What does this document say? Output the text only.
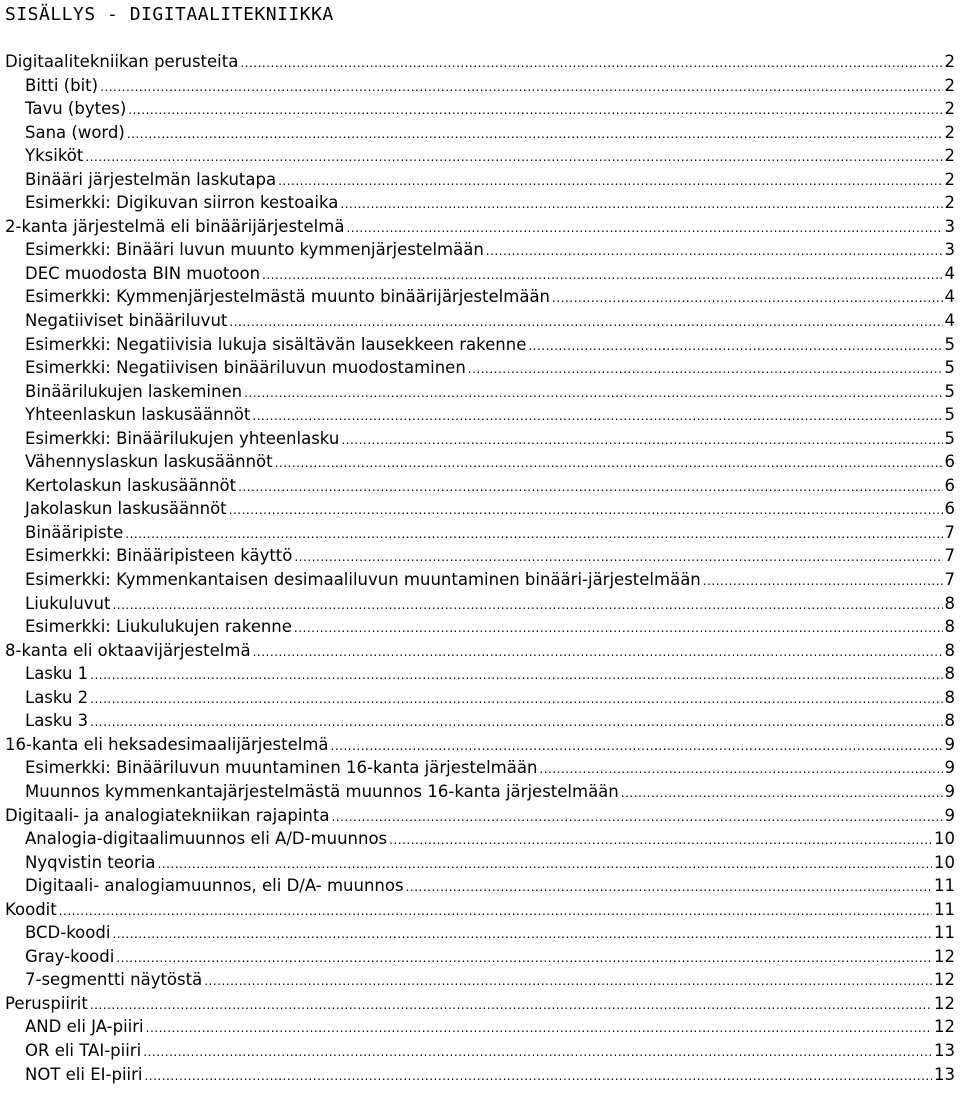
SISÄLLYS - DIGITAALITEKNIIKKA
Digitaalitekniikan perusteita .....	2
Bitti (bit) .....	2
Tavu (bytes) .....	2
Sana (word) .....	2
Yksiköt .....	2
Binääri järjestelmän laskutapa .....	2
Esimerkki: Digikuvan siirron kestoaika .....	2
2-kanta järjestelmä eli binäärijärjestelmä .....	3
Esimerkki: Binääri luvun muunto kymmenjärjestelmään .....	3
DEC muodosta BIN muotoon .....	4
Esimerkki: Kymmenjärjestelmästä muunto binäärijärjestelmään .....	4
Negatiiviset binääriluvut .....	4
Esimerkki: Negatiivisia lukuja sisältävän lausekkeen rakenne .....	5
Esimerkki: Negatiivisen binääriluvun muodostaminen .....	5
Binäärilukujen laskeminen .....	5
Yhteenlaskun laskusäännöt .....	5
Esimerkki: Binäärilukujen yhteenlasku .....	5
Vähennyslaskun laskusäännöt .....	6
Kertolaskun laskusäännöt .....	6
Jakolaskun laskusäännöt .....	6
Binääripiste .....	7
Esimerkki: Binääripisteen käyttö .....	7
Esimerkki: Kymmenkantaisen desimaaliluvun muuntaminen binääri-järjestelmään .....	7
Liukuluvut .....	8
Esimerkki: Liukulukujen rakenne .....	8
8-kanta eli oktaavijärjestelmä .....	8
Lasku 1 .....	8
Lasku 2 .....	8
Lasku 3 .....	8
16-kanta eli heksadesimaalijärjestelmä .....	9
Esimerkki: Binääriluvun muuntaminen 16-kanta järjestelmään .....	9
Muunnos kymmenkantajärjestelmästä muunnos 16-kanta järjestelmään .....	9
Digitaali- ja analogiatekniikan rajapinta .....	9
Analogia-digitaalimuunnos eli A/D-muunnos .....	10
Nyqvistin teoria .....	10
Digitaali- analogiamuunnos, eli D/A- muunnos .....	11
Koodit .....	11
BCD-koodi .....	11
Gray-koodi .....	12
7-segmentti näytöstä .....	12
Peruspiirit .....	12
AND eli JA-piiri .....	12
OR eli TAI-piiri .....	13
NOT eli EI-piiri .....	13
